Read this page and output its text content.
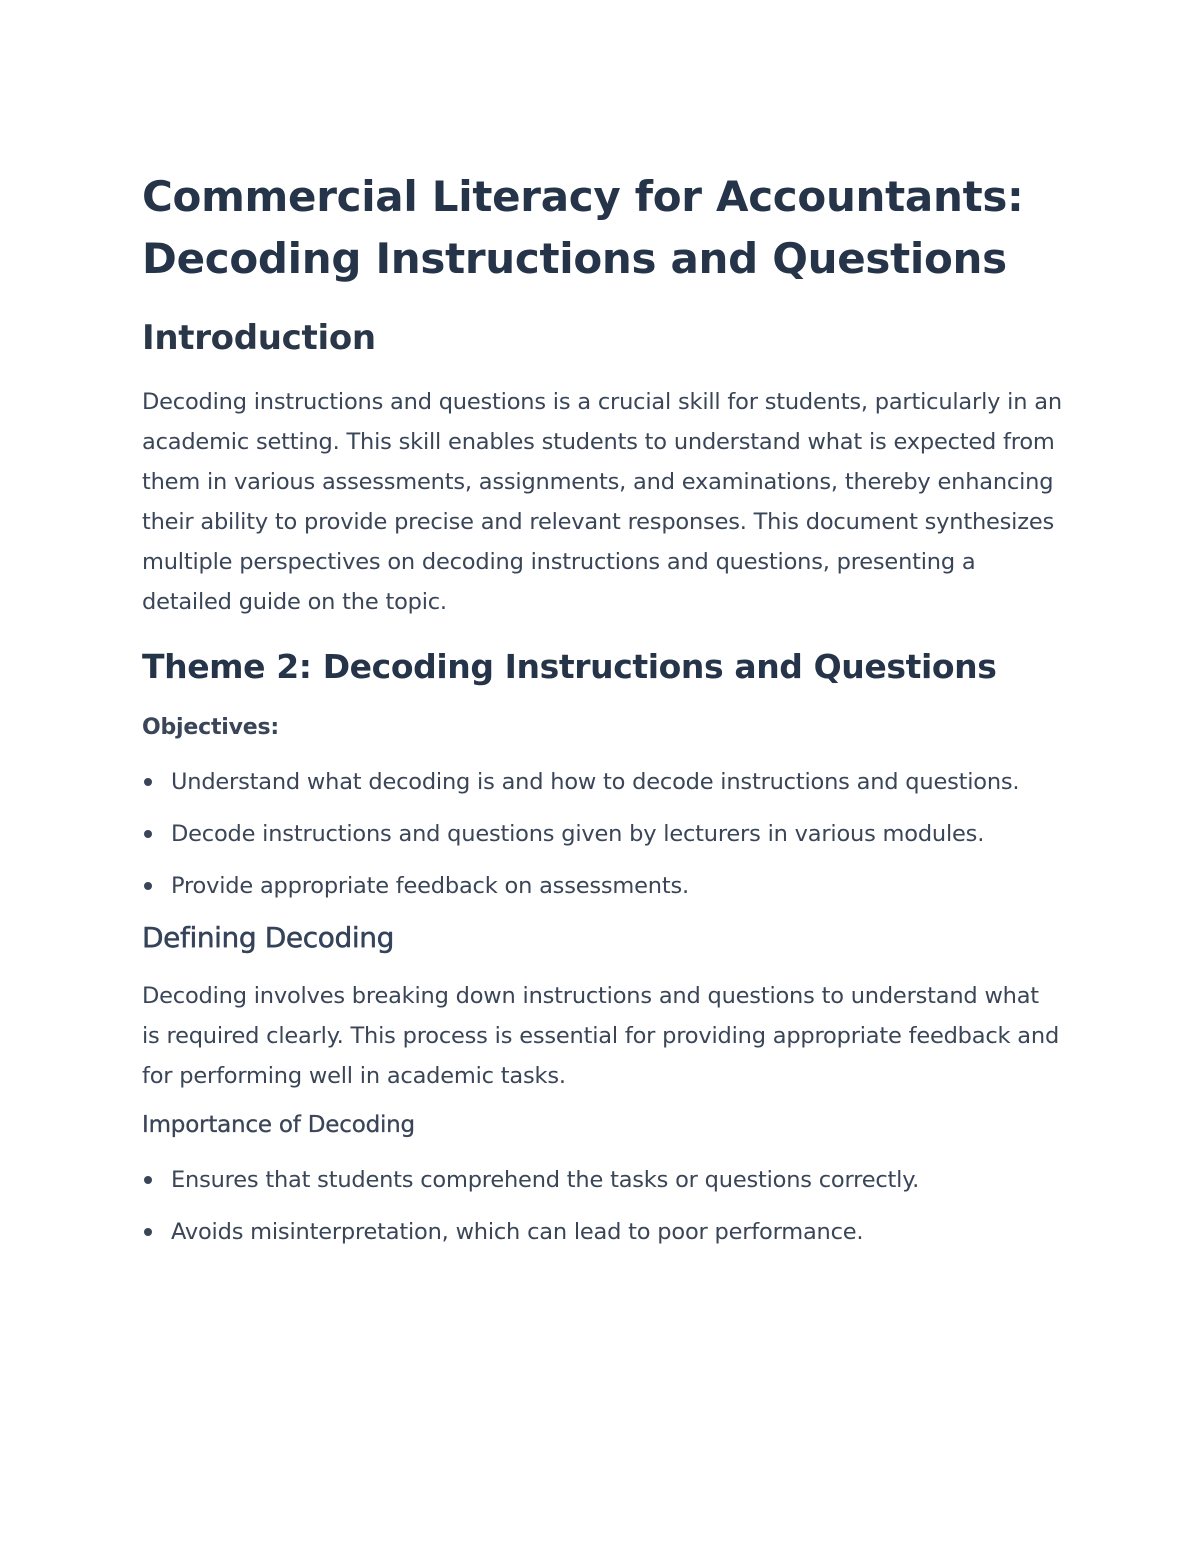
Commercial Literacy for Accountants: Decoding Instructions and Questions
Introduction

Decoding instructions and questions is a crucial skill for students, particularly in an academic setting. This skill enables students to understand what is expected from them in various assessments, assignments, and examinations, thereby enhancing their ability to provide precise and relevant responses. This document synthesizes multiple perspectives on decoding instructions and questions, presenting a detailed guide on the topic.

Theme 2: Decoding Instructions and Questions
Objectives:
Understand what decoding is and how to decode instructions and questions.
Decode instructions and questions given by lecturers in various modules.
Provide appropriate feedback on assessments.
Defining Decoding

Decoding involves breaking down instructions and questions to understand what is required clearly. This process is essential for providing appropriate feedback and for performing well in academic tasks.

Importance of Decoding
Ensures that students comprehend the tasks or questions correctly.
Avoids misinterpretation, which can lead to poor performance.
